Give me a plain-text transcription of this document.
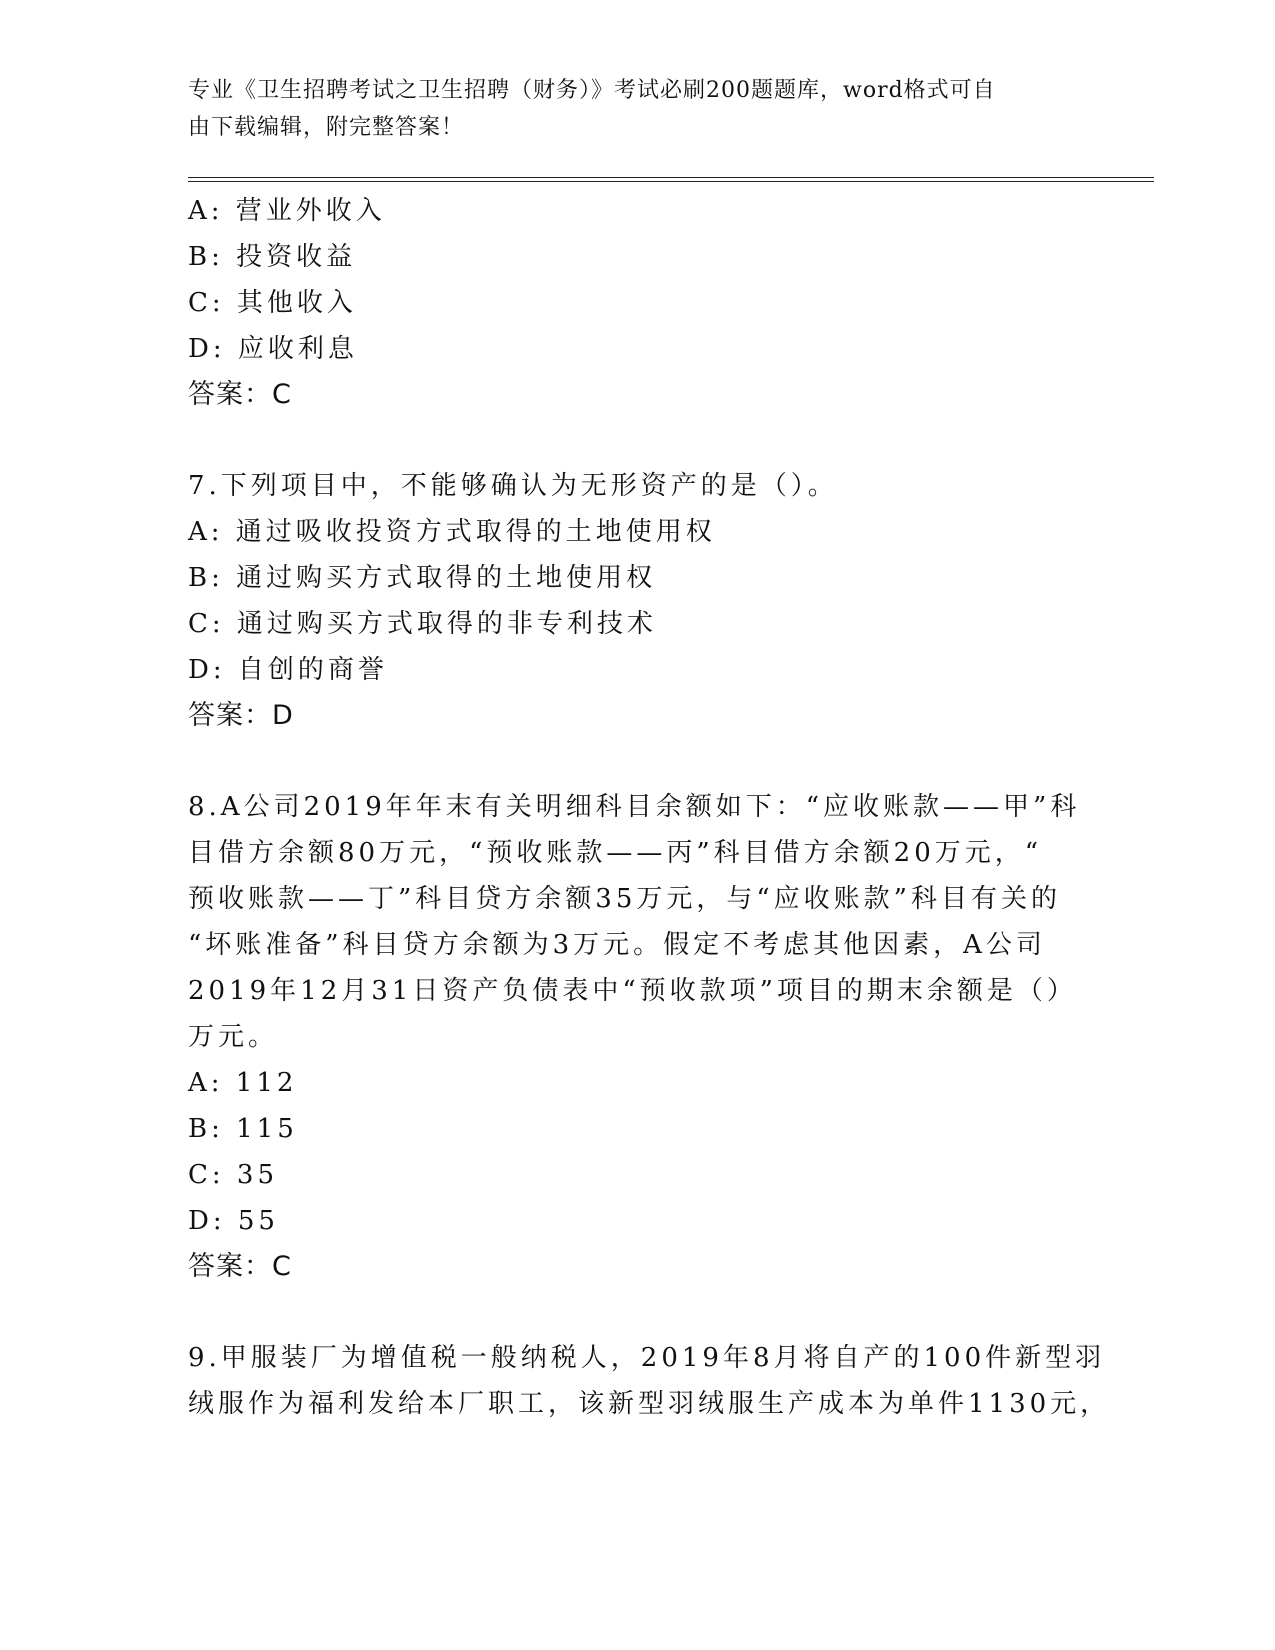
专业《卫生招聘考试之卫生招聘（财务）》考试必刷200题题库，word格式可自
由下载编辑，附完整答案！
A: 营业外收入
B: 投资收益
C: 其他收入
D: 应收利息
答案：C
7.下列项目中，不能够确认为无形资产的是（）。
A: 通过吸收投资方式取得的土地使用权
B: 通过购买方式取得的土地使用权
C: 通过购买方式取得的非专利技术
D: 自创的商誉
答案：D
8.A公司2019年年末有关明细科目余额如下：“应收账款——甲”科
目借方余额80万元，“预收账款——丙”科目借方余额20万元，“
预收账款——丁”科目贷方余额35万元，与“应收账款”科目有关的
“坏账准备”科目贷方余额为3万元。假定不考虑其他因素，A公司
2019年12月31日资产负债表中“预收款项”项目的期末余额是（）
万元。
A: 112
B: 115
C: 35
D: 55
答案：C
9.甲服装厂为增值税一般纳税人，2019年8月将自产的100件新型羽
绒服作为福利发给本厂职工，该新型羽绒服生产成本为单件1130元，
